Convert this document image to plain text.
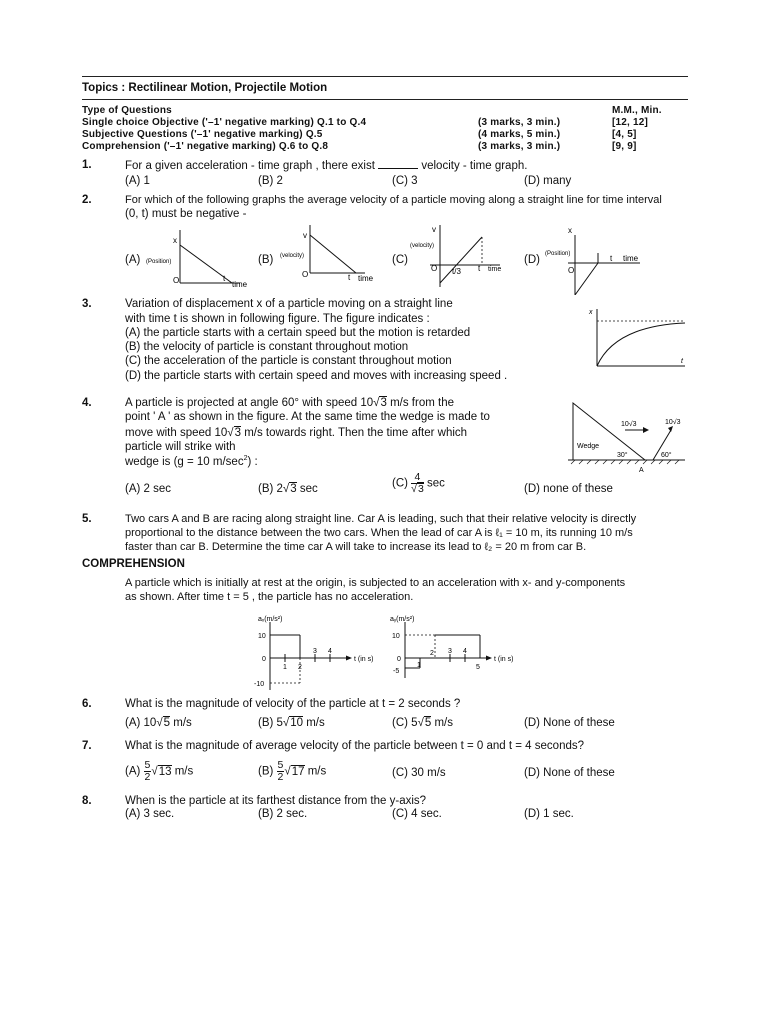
Topics : Rectilinear Motion, Projectile Motion
Type of Questions	M.M., Min.
Single choice Objective ('–1' negative marking) Q.1 to Q.4	(3 marks, 3 min.)	[12, 12]
Subjective Questions ('–1' negative marking) Q.5	(4 marks, 5 min.)	[4, 5]
Comprehension ('–1' negative marking) Q.6 to Q.8	(3 marks, 3 min.)	[9, 9]
1.	For a given acceleration - time graph , there exist	velocity - time graph.
(A) 1	(B) 2	(C) 3	(D) many
2.	For which of the following graphs the average velocity of a particle moving along a straight line for time interval
(0, t) must be negative -
(A)	(B)	(C)	(D)
x
(Position)
O	t
time
v
(velocity)
O	t time
v
(velocity)
O t/3 t time
x
(Position)
O
t time
3.	Variation of displacement x of a particle moving on a straight line
with time t is shown in following figure. The figure indicates :
(A) the particle starts with a certain speed but the motion is retarded
(B) the velocity of particle is constant throughout motion
(C) the acceleration of the particle is constant throughout motion
(D) the particle starts with certain speed and moves with increasing speed .
x
t
4.	A particle is projected at angle 60° with speed 10√3 m/s from the
point ' A ' as shown in the figure. At the same time the wedge is made to
move with speed 10√3 m/s towards right. Then the time after which
particle will strike with
wedge is (g = 10 $m/\sec^2$) :
(A) 2 sec	(B) 2√3 sec	$(C) \frac{4}{√3}$ sec	(D) none of these
10√3	10√3
Wedge
30°	60°
A
5.	Two cars A and B are racing along straight line. Car A is leading, such that their relative velocity is directly
proportional to the distance between the two cars. When the lead of car A is ℓ₁ = 10 m, its running 10 m/s
faster than car B. Determine the time car A will take to increase its lead to ℓ₂ = 20 m from car B.
COMPREHENSION
A particle which is initially at rest at the origin, is subjected to an acceleration with x- and y-components
as shown. After time t = 5 , the particle has no acceleration.
aₓ(m/s²)
10
0
-10
1 2
3 4
t (in s)
aᵧ(m/s²)
10
0
-5
1
2 3 4
5
t (in s)
6.	What is the magnitude of velocity of the particle at t = 2 seconds ?
(A) 10√5 m/s	(B) 5√10 m/s	(C) 5√5 m/s	(D) None of these
7.	What is the magnitude of average velocity of the particle between t = 0 and t = 4 seconds?
$(A) \frac{5}{2} √13$ m/s	$(B) \frac{5}{2} √17$ m/s	(C) 30 m/s	(D) None of these
8.	When is the particle at its farthest distance from the y-axis?
(A) 3 sec.	(B) 2 sec.	(C) 4 sec.	(D) 1 sec.
